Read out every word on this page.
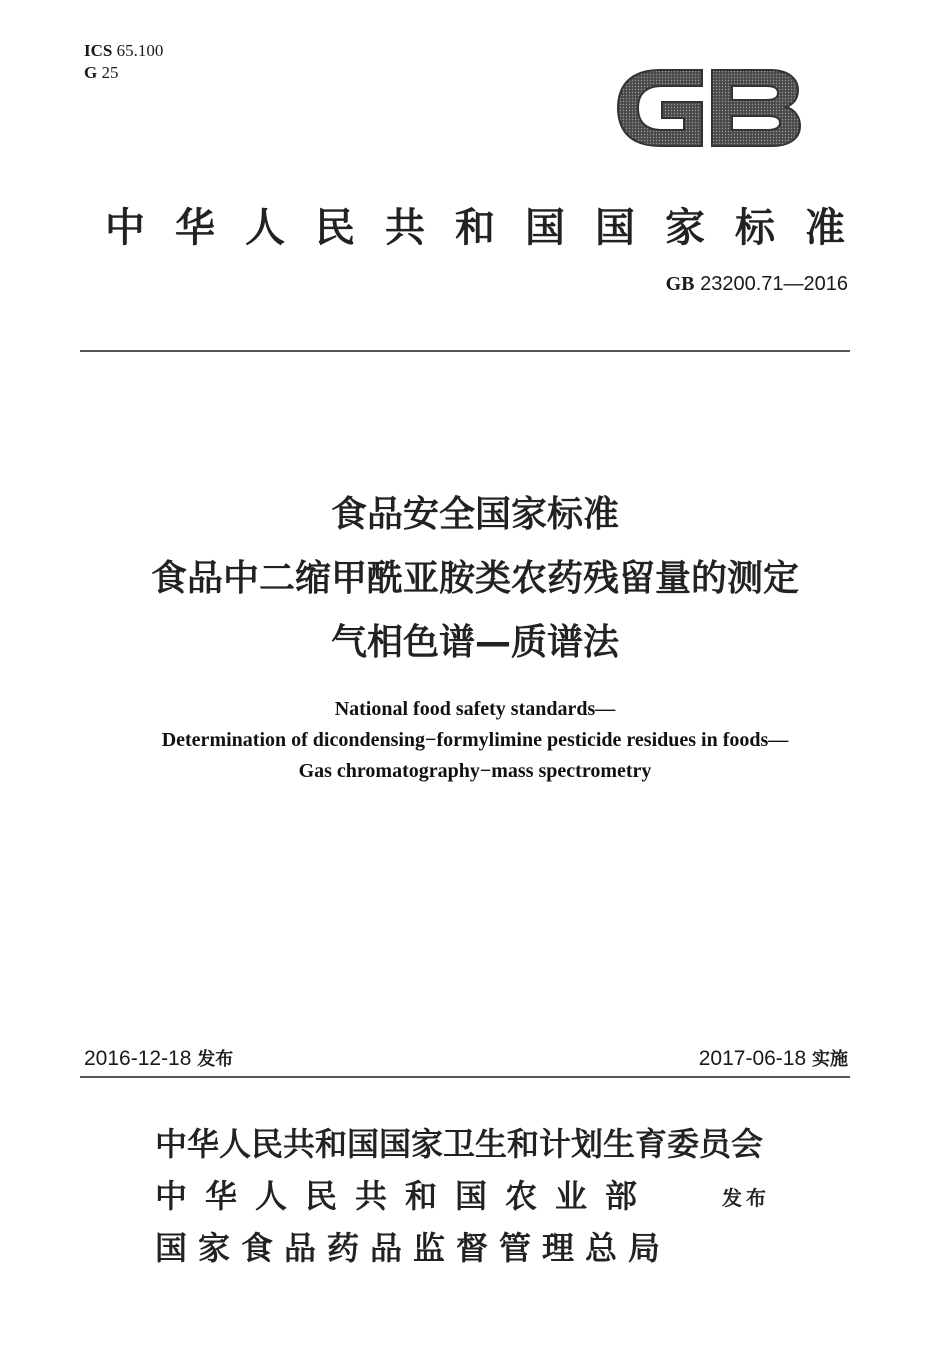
ICS 65.100
G 25
GB
中华人民共和国国家标准
GB 23200.71—2016
食品安全国家标准
食品中二缩甲酰亚胺类农药残留量的测定
气相色谱—质谱法
National food safety standards—
Determination of dicondensing−formylimine pesticide residues in foods—
Gas chromatography−mass spectrometry
2016-12-18 发布	2017-06-18 实施
中华人民共和国国家卫生和计划生育委员会
中华人民共和国农业部
国家食品药品监督管理总局
发布
